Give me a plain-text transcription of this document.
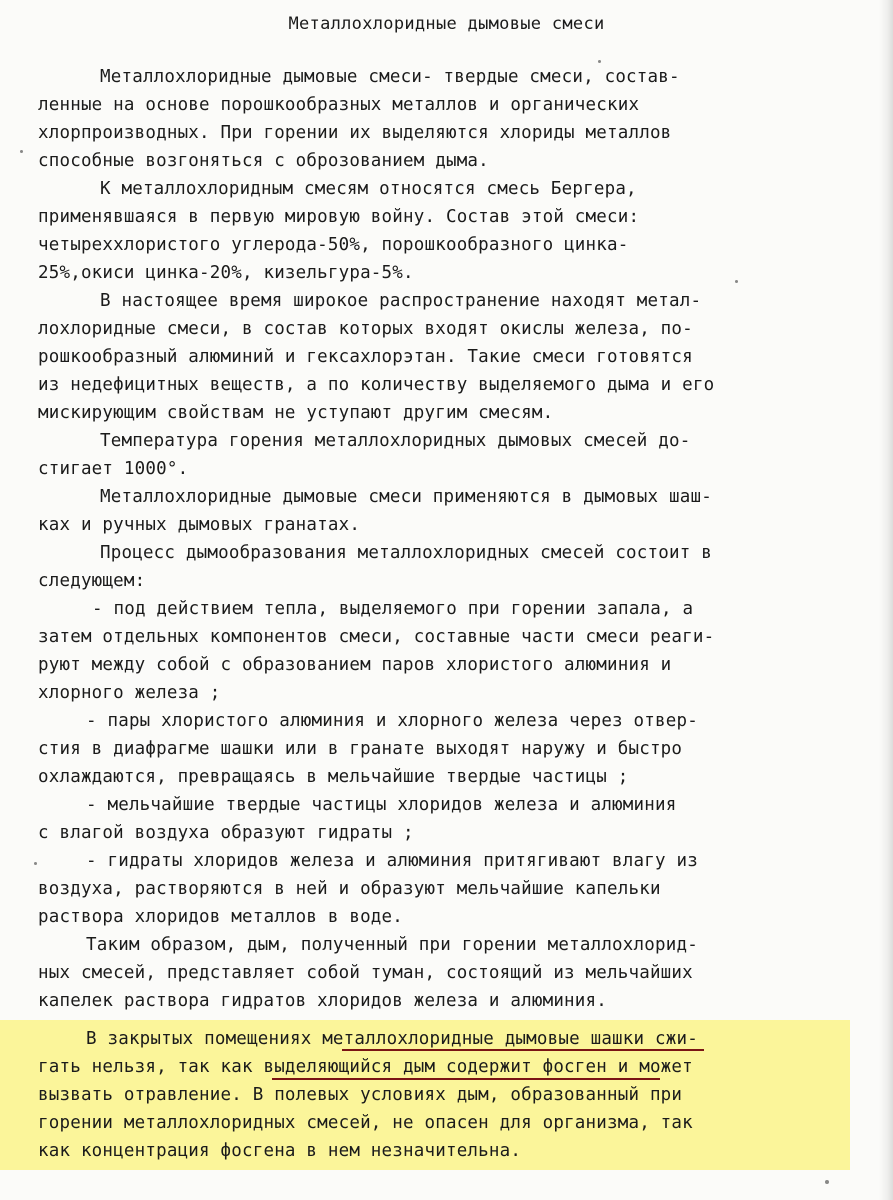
Металлохлоридные дымовые смеси
Металлохлоридные дымовые смеси- твердые смеси, состав-
ленные на основе порошкообразных металлов и органических
хлорпроизводных. При горении их выделяются хлориды металлов
способные возгоняться с оброзованием дыма.
К металлохлоридным смесям относятся смесь Бергера,
применявшаяся в первую мировую войну. Состав этой смеси:
четыреххлористого углерода-50%, порошкообразного цинка-
25%,окиси цинка-20%, кизельгура-5%.
В настоящее время широкое распространение находят метал-
лохлоридные смеси, в состав которых входят окислы железа, по-
рошкообразный алюминий и гексахлорэтан. Такие смеси готовятся
из недефицитных веществ, а по количеству выделяемого дыма и его
мискирующим свойствам не уступают другим смесям.
Температура горения металлохлоридных дымовых смесей до-
стигает 1000°.
Металлохлоридные дымовые смеси применяются в дымовых шаш-
ках и ручных дымовых гранатах.
Процесс дымообразования металлохлоридных смесей состоит в
следующем:
- под действием тепла, выделяемого при горении запала, а
затем отдельных компонентов смеси, составные части смеси реаги-
руют между собой с образованием паров хлористого алюминия и
хлорного железа ;
- пары хлористого алюминия и хлорного железа через отвер-
стия в диафрагме шашки или в гранате выходят наружу и быстро
охлаждаются, превращаясь в мельчайшие твердые частицы ;
- мельчайшие твердые частицы хлоридов железа и алюминия
с влагой воздуха образуют гидраты ;
- гидраты хлоридов железа и алюминия притягивают влагу из
воздуха, растворяются в ней и образуют мельчайшие капельки
раствора хлоридов металлов в воде.
Таким образом, дым, полученный при горении металлохлорид-
ных смесей, представляет собой туман, состоящий из мельчайших
капелек раствора гидратов хлоридов железа и алюминия.
В закрытых помещениях металлохлоридные дымовые шашки сжи-
гать нельзя, так как выделяющийся дым содержит фосген и может
вызвать отравление. В полевых условиях дым, образованный при
горении металлохлоридных смесей, не опасен для организма, так
как концентрация фосгена в нем незначительна.
